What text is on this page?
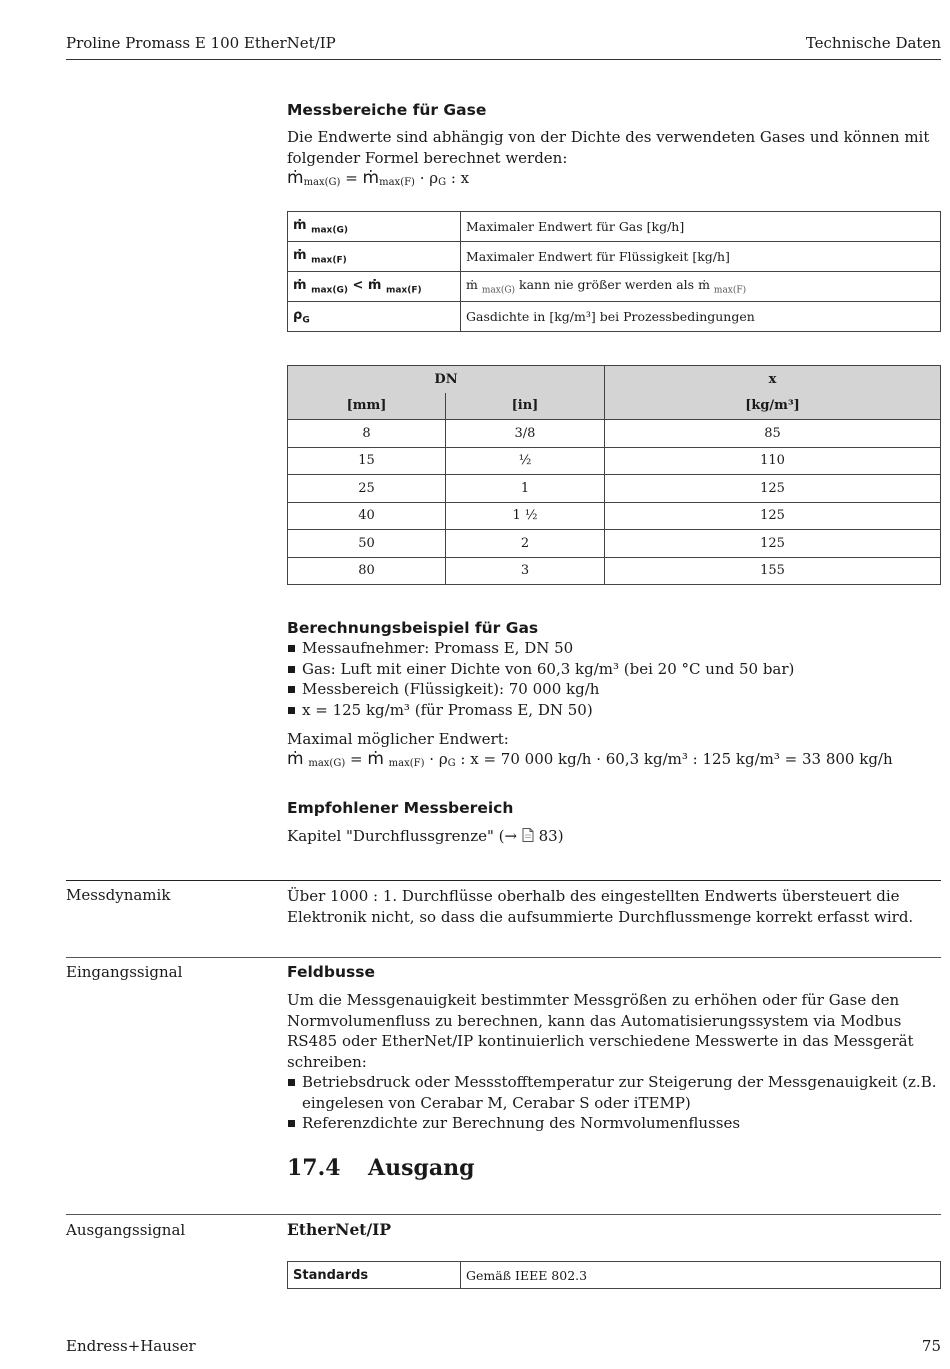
Proline Promass E 100 EtherNet/IP	Technische Daten
Messbereiche für Gase
Die Endwerte sind abhängig von der Dichte des verwendeten Gases und können mit folgender Formel berechnet werden:
ṁ$_{max(G)}$ = ṁ$_{max(F)}$ · $\rho_G$ : x
ṁ $_{max(G)}$	Maximaler Endwert für Gas [kg/h]
ṁ $_{max(F)}$	Maximaler Endwert für Flüssigkeit [kg/h]
ṁ $_{max(G)}$ < ṁ $_{max(F)}$	ṁ $_{max(G)}$ kann nie größer werden als ṁ $_{max(F)}$
$\rho_G$	Gasdichte in [kg/m³] bei Prozessbedingungen
DN		x
[mm]	[in]	[kg/m³]
8	3/8	85
15	½	110
25	1	125
40	1 ½	125
50	2	125
80	3	155
Berechnungsbeispiel für Gas
Messaufnehmer: Promass E, DN 50
Gas: Luft mit einer Dichte von 60,3 kg/m³ (bei 20 °C und 50 bar)
Messbereich (Flüssigkeit): 70 000 kg/h
x = 125 kg/m³ (für Promass E, DN 50)
Maximal möglicher Endwert:
ṁ $_{max(G)}$ = ṁ $_{max(F)} \cdot \rho_G$ : x = 70 000 kg/h · 60,3 kg/m³ : 125 kg/m³ = 33 800 kg/h
Empfohlener Messbereich
Kapitel "Durchflussgrenze" (→  83)
Messdynamik	Über 1000 : 1. Durchflüsse oberhalb des eingestellten Endwerts übersteuert die Elektronik nicht, so dass die aufsummierte Durchflussmenge korrekt erfasst wird.
Eingangssignal	Feldbusse
Um die Messgenauigkeit bestimmter Messgrößen zu erhöhen oder für Gase den Normvolumenfluss zu berechnen, kann das Automatisierungssystem via Modbus RS485 oder EtherNet/IP kontinuierlich verschiedene Messwerte in das Messgerät schreiben:
Betriebsdruck oder Messstofftemperatur zur Steigerung der Messgenauigkeit (z.B. eingelesen von Cerabar M, Cerabar S oder iTEMP)
Referenzdichte zur Berechnung des Normvolumenflusses
17.4 Ausgang
Ausgangssignal	EtherNet/IP
Standards	Gemäß IEEE 802.3
Endress+Hauser	75
